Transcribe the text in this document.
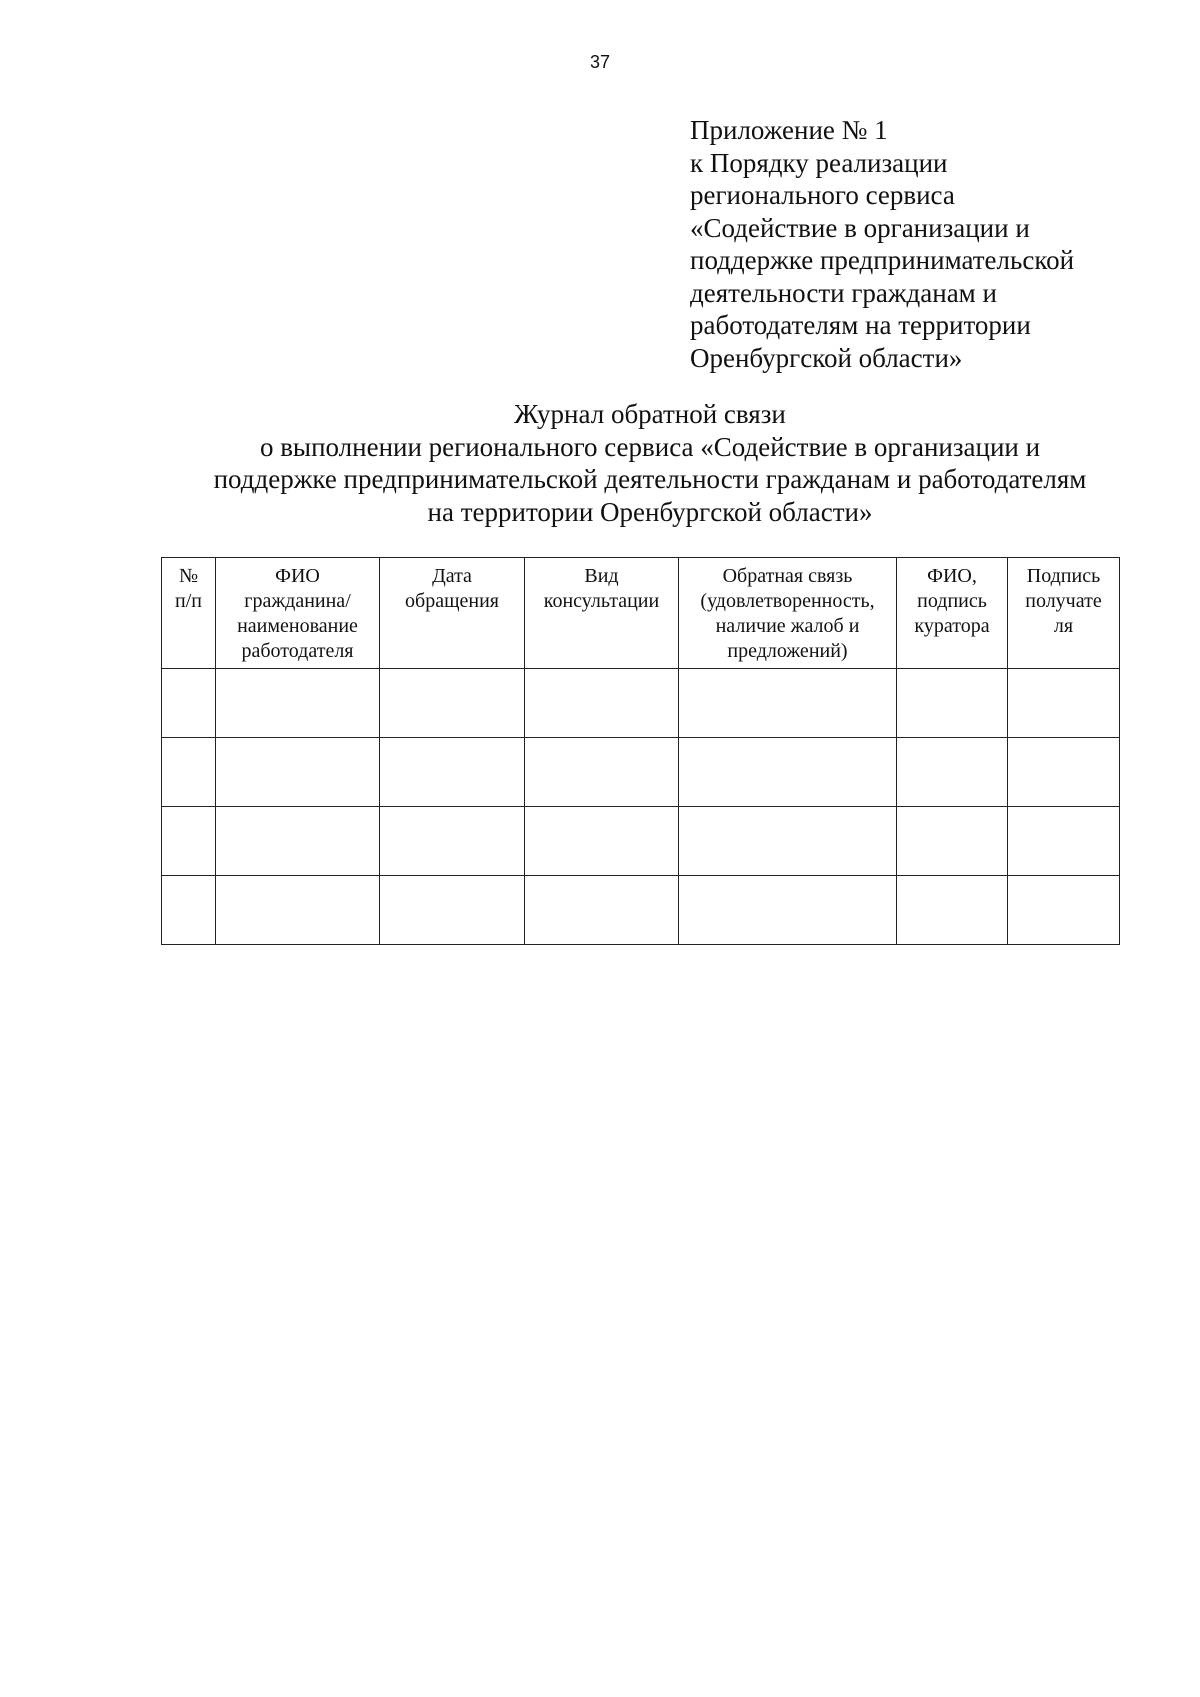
37
Приложение № 1
к Порядку реализации
регионального сервиса
«Содействие в организации и
поддержке предпринимательской
деятельности гражданам и
работодателям на территории
Оренбургской области»
Журнал обратной связи
о выполнении регионального сервиса «Содействие в организации и
поддержке предпринимательской деятельности гражданам и работодателям
на территории Оренбургской области»
№
п/п	ФИО
гражданина/
наименование
работодателя	Дата
обращения	Вид
консультации	Обратная связь
(удовлетворенность,
наличие жалоб и
предложений)	ФИО,
подпись
куратора	Подпись
получате
ля
